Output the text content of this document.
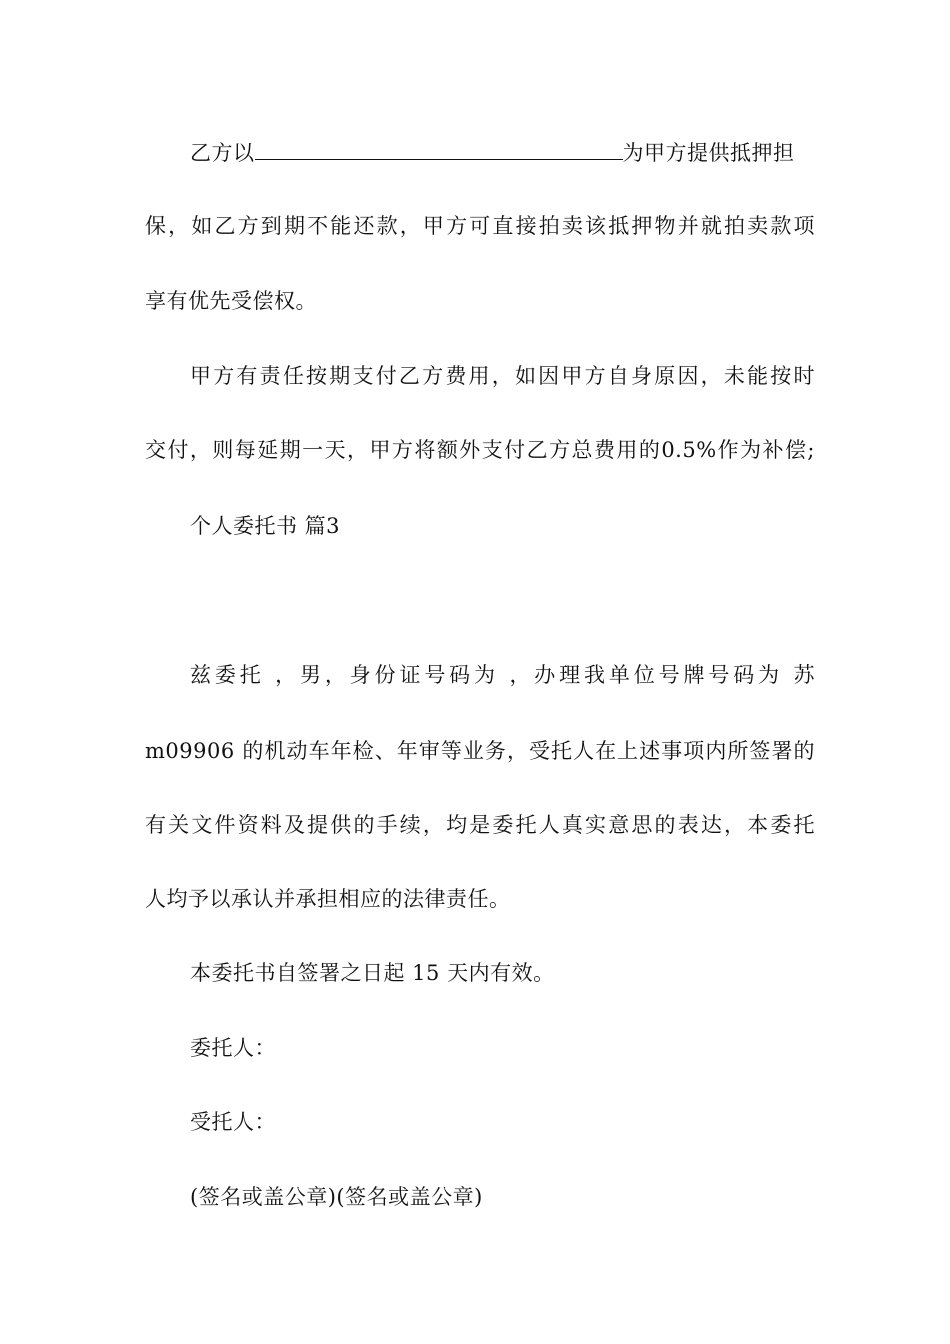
乙方以	为甲方提供抵押担
保，如乙方到期不能还款，甲方可直接拍卖该抵押物并就拍卖款项
享有优先受偿权。
甲方有责任按期支付乙方费用，如因甲方自身原因，未能按时
交付，则每延期一天，甲方将额外支付乙方总费用的0.5%作为补偿;
个人委托书 篇3
兹委托 ，男，身份证号码为 ，办理我单位号牌号码为 苏
m09906 的机动车年检、年审等业务，受托人在上述事项内所签署的
有关文件资料及提供的手续，均是委托人真实意思的表达，本委托
人均予以承认并承担相应的法律责任。
本委托书自签署之日起 15 天内有效。
委托人：
受托人：
(签名或盖公章)(签名或盖公章)
